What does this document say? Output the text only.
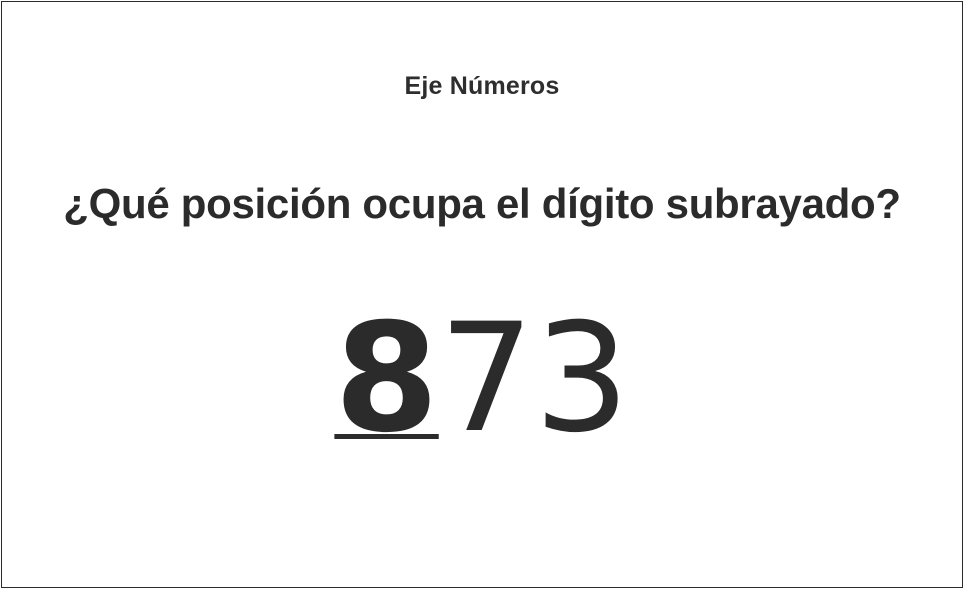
Eje Números
¿Qué posición ocupa el dígito subrayado?
873
